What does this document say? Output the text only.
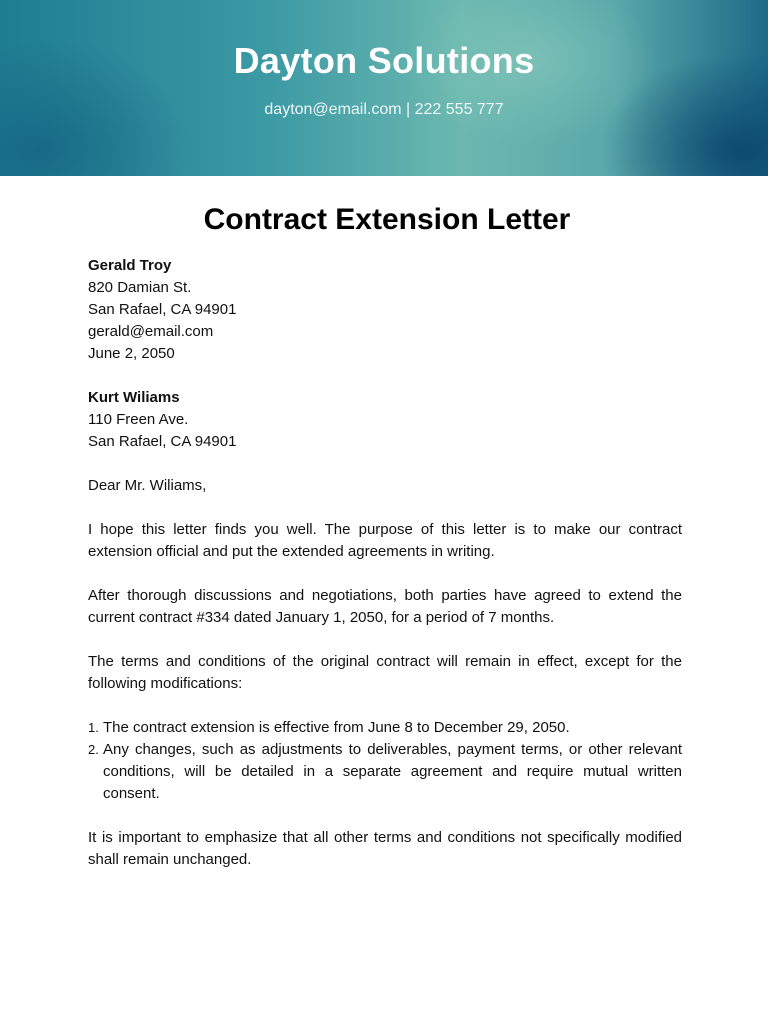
Dayton Solutions
dayton@email.com | 222 555 777
Contract Extension Letter
Gerald Troy
820 Damian St.
San Rafael, CA 94901
gerald@email.com
June 2, 2050
Kurt Wiliams
110 Freen Ave.
San Rafael, CA 94901
Dear Mr. Wiliams,

I hope this letter finds you well. The purpose of this letter is to make our contract extension official and put the extended agreements in writing.

After thorough discussions and negotiations, both parties have agreed to extend the current contract #334 dated January 1, 2050, for a period of 7 months.

The terms and conditions of the original contract will remain in effect, except for the following modifications:

1. The contract extension is effective from June 8 to December 29, 2050.
2. Any changes, such as adjustments to deliverables, payment terms, or other relevant conditions, will be detailed in a separate agreement and require mutual written consent.

It is important to emphasize that all other terms and conditions not specifically modified shall remain unchanged.
